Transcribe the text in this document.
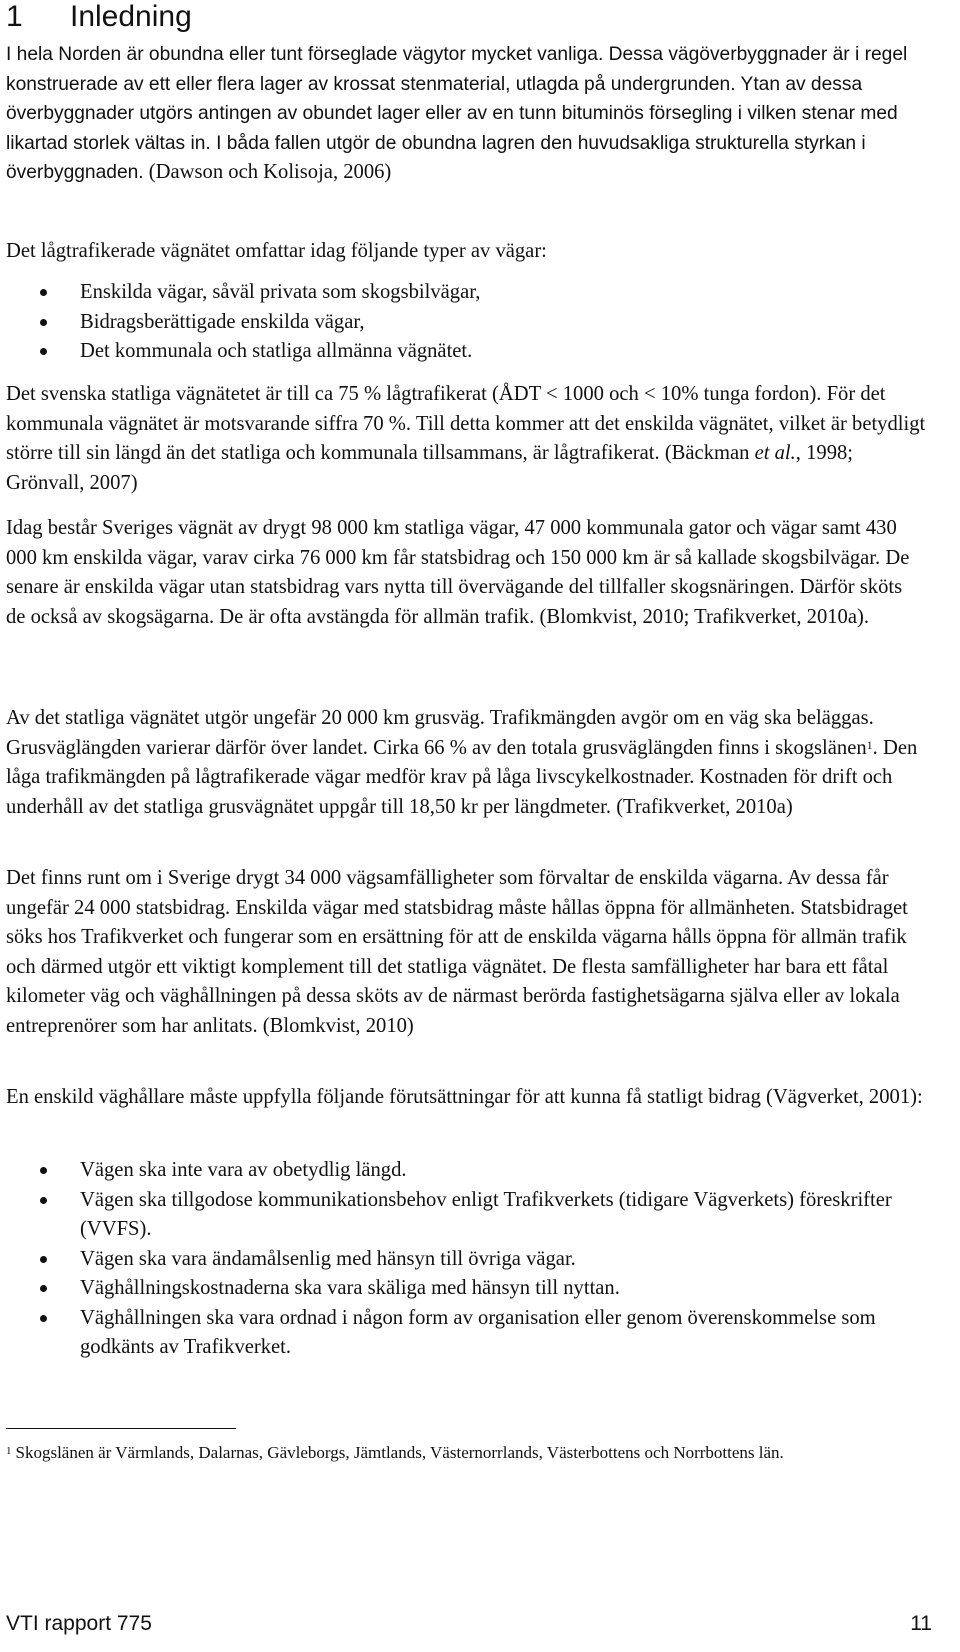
1 Inledning

I hela Norden är obundna eller tunt förseglade vägytor mycket vanliga. Dessa vägöverbyggnader är i regel konstruerade av ett eller flera lager av krossat stenmaterial, utlagda på undergrunden. Ytan av dessa överbyggnader utgörs antingen av obundet lager eller av en tunn bituminös försegling i vilken stenar med likartad storlek vältas in. I båda fallen utgör de obundna lagren den huvudsakliga strukturella styrkan i överbyggnaden. (Dawson och Kolisoja, 2006)

Det lågtrafikerade vägnätet omfattar idag följande typer av vägar:

Enskilda vägar, såväl privata som skogsbilvägar,
Bidragsberättigade enskilda vägar,
Det kommunala och statliga allmänna vägnätet.

Det svenska statliga vägnätetet är till ca 75 % lågtrafikerat (ÅDT < 1000 och < 10% tunga fordon). För det kommunala vägnätet är motsvarande siffra 70 %. Till detta kommer att det enskilda vägnätet, vilket är betydligt större till sin längd än det statliga och kommunala tillsammans, är lågtrafikerat. (Bäckman et al., 1998; Grönvall, 2007)

Idag består Sveriges vägnät av drygt 98 000 km statliga vägar, 47 000 kommunala gator och vägar samt 430 000 km enskilda vägar, varav cirka 76 000 km får statsbidrag och 150 000 km är så kallade skogsbilvägar. De senare är enskilda vägar utan statsbidrag vars nytta till övervägande del tillfaller skogsnäringen. Därför sköts de också av skogsägarna. De är ofta avstängda för allmän trafik. (Blomkvist, 2010; Trafikverket, 2010a).

Av det statliga vägnätet utgör ungefär 20 000 km grusväg. Trafikmängden avgör om en väg ska beläggas. Grusväglängden varierar därför över landet. Cirka 66 % av den totala grusväglängden finns i skogslänen$^1$. Den låga trafikmängden på lågtrafikerade vägar medför krav på låga livscykelkostnader. Kostnaden för drift och underhåll av det statliga grusvägnätet uppgår till 18,50 kr per längdmeter. (Trafikverket, 2010a)

Det finns runt om i Sverige drygt 34 000 vägsamfälligheter som förvaltar de enskilda vägarna. Av dessa får ungefär 24 000 statsbidrag. Enskilda vägar med statsbidrag måste hållas öppna för allmänheten. Statsbidraget söks hos Trafikverket och fungerar som en ersättning för att de enskilda vägarna hålls öppna för allmän trafik och därmed utgör ett viktigt komplement till det statliga vägnätet. De flesta samfälligheter har bara ett fåtal kilometer väg och väghållningen på dessa sköts av de närmast berörda fastighetsägarna själva eller av lokala entreprenörer som har anlitats. (Blomkvist, 2010)

En enskild väghållare måste uppfylla följande förutsättningar för att kunna få statligt bidrag (Vägverket, 2001):

Vägen ska inte vara av obetydlig längd.
Vägen ska tillgodose kommunikationsbehov enligt Trafikverkets (tidigare Vägverkets) föreskrifter (VVFS).
Vägen ska vara ändamålsenlig med hänsyn till övriga vägar.
Väghållningskostnaderna ska vara skäliga med hänsyn till nyttan.
Väghållningen ska vara ordnad i någon form av organisation eller genom överenskommelse som godkänts av Trafikverket.

$^1$ Skogslänen är Värmlands, Dalarnas, Gävleborgs, Jämtlands, Västernorrlands, Västerbottens och Norrbottens län.

VTI rapport 775	11
